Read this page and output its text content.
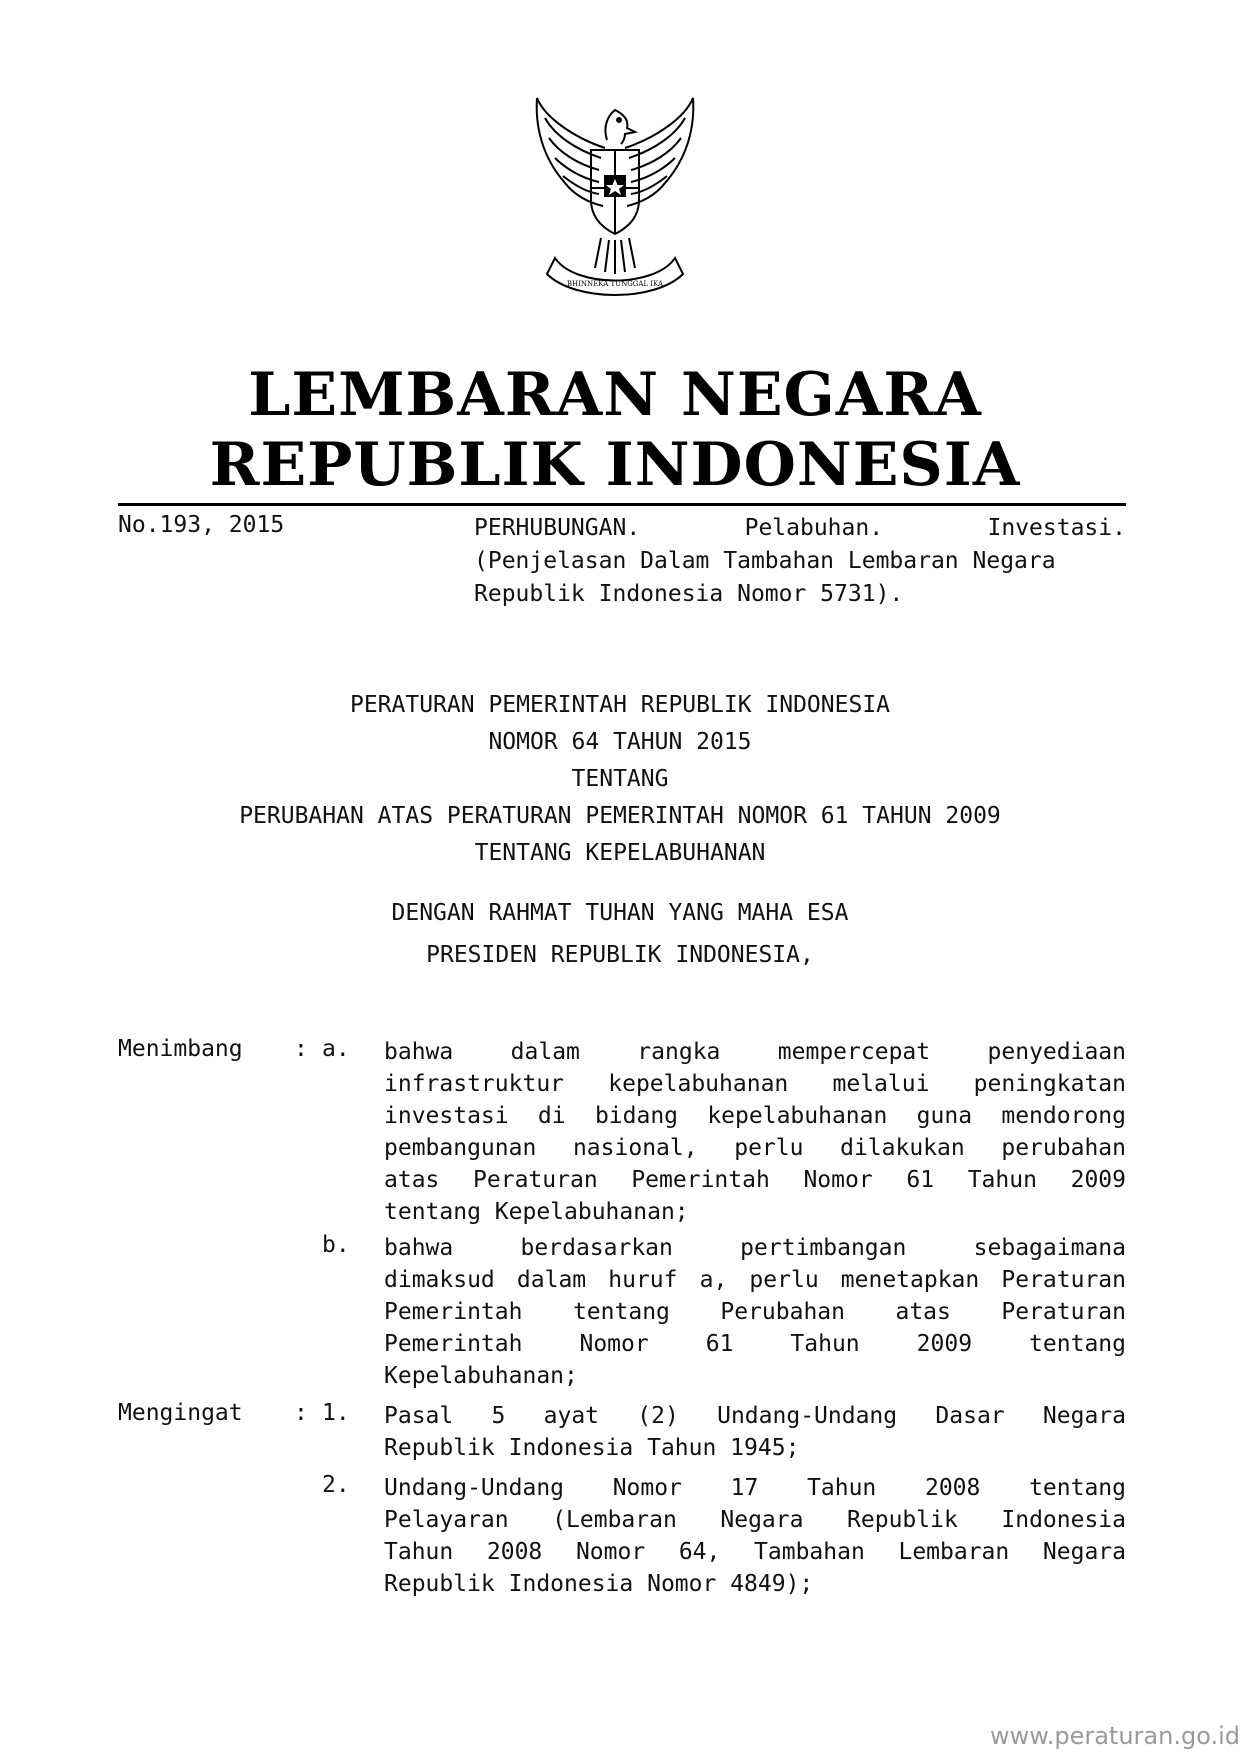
BHINNEKA TUNGGAL IKA
LEMBARAN NEGARA
REPUBLIK INDONESIA
No.193, 2015	PERHUBUNGAN.	Pelabuhan.	Investasi.
(Penjelasan Dalam Tambahan Lembaran Negara
Republik Indonesia Nomor 5731).
PERATURAN PEMERINTAH REPUBLIK INDONESIA
NOMOR 64 TAHUN 2015
TENTANG
PERUBAHAN ATAS PERATURAN PEMERINTAH NOMOR 61 TAHUN 2009
TENTANG KEPELABUHANAN
DENGAN RAHMAT TUHAN YANG MAHA ESA
PRESIDEN REPUBLIK INDONESIA,
Menimbang : a. bahwa dalam rangka mempercepat penyediaan
infrastruktur kepelabuhanan melalui peningkatan
investasi di bidang kepelabuhanan guna mendorong
pembangunan nasional, perlu dilakukan perubahan
atas Peraturan Pemerintah Nomor 61 Tahun 2009
tentang Kepelabuhanan;
b. bahwa berdasarkan pertimbangan sebagaimana
dimaksud dalam huruf a, perlu menetapkan Peraturan
Pemerintah tentang Perubahan atas Peraturan
Pemerintah Nomor 61 Tahun 2009 tentang
Kepelabuhanan;
Mengingat : 1. Pasal 5 ayat (2) Undang-Undang Dasar Negara
Republik Indonesia Tahun 1945;
2. Undang-Undang Nomor 17 Tahun 2008 tentang
Pelayaran (Lembaran Negara Republik Indonesia
Tahun 2008 Nomor 64, Tambahan Lembaran Negara
Republik Indonesia Nomor 4849);
www.peraturan.go.id
